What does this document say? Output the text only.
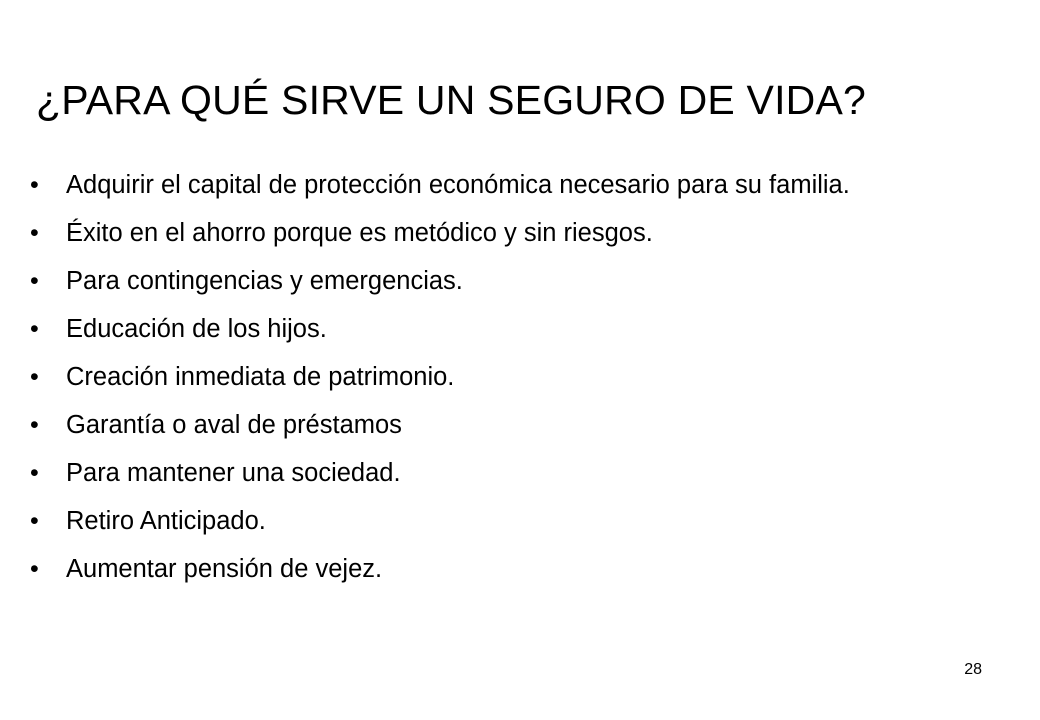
¿PARA QUÉ SIRVE UN SEGURO DE VIDA?
•	Adquirir el capital de protección económica necesario para su familia.
•	Éxito en el ahorro porque es metódico y sin riesgos.
•	Para contingencias y emergencias.
•	Educación de los hijos.
•	Creación inmediata de patrimonio.
•	Garantía o aval de préstamos
•	Para mantener una sociedad.
•	Retiro Anticipado.
•	Aumentar pensión de vejez.
28
